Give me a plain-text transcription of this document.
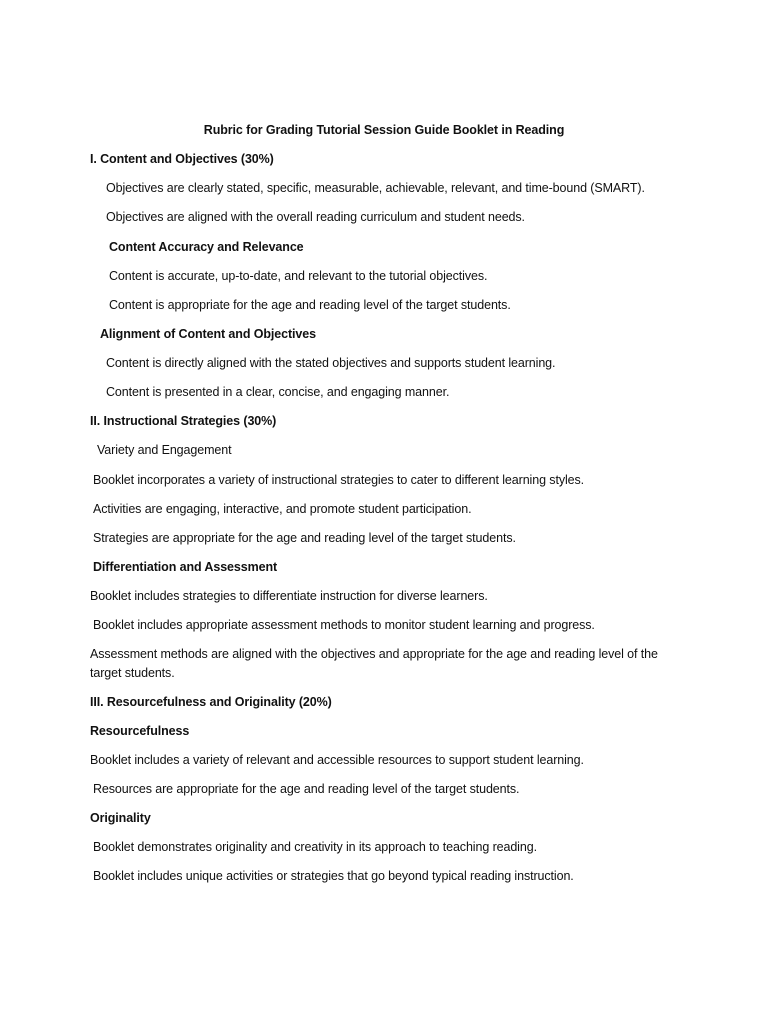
Rubric for Grading Tutorial Session Guide Booklet in Reading
I. Content and Objectives (30%)
Objectives are clearly stated, specific, measurable, achievable, relevant, and time-bound (SMART).
Objectives are aligned with the overall reading curriculum and student needs.
Content Accuracy and Relevance
Content is accurate, up-to-date, and relevant to the tutorial objectives.
Content is appropriate for the age and reading level of the target students.
Alignment of Content and Objectives
Content is directly aligned with the stated objectives and supports student learning.
Content is presented in a clear, concise, and engaging manner.
II. Instructional Strategies (30%)
Variety and Engagement
Booklet incorporates a variety of instructional strategies to cater to different learning styles.
Activities are engaging, interactive, and promote student participation.
Strategies are appropriate for the age and reading level of the target students.
Differentiation and Assessment
Booklet includes strategies to differentiate instruction for diverse learners.
Booklet includes appropriate assessment methods to monitor student learning and progress.
Assessment methods are aligned with the objectives and appropriate for the age and reading level of the target students.
III. Resourcefulness and Originality (20%)
Resourcefulness
Booklet includes a variety of relevant and accessible resources to support student learning.
Resources are appropriate for the age and reading level of the target students.
Originality
Booklet demonstrates originality and creativity in its approach to teaching reading.
Booklet includes unique activities or strategies that go beyond typical reading instruction.
